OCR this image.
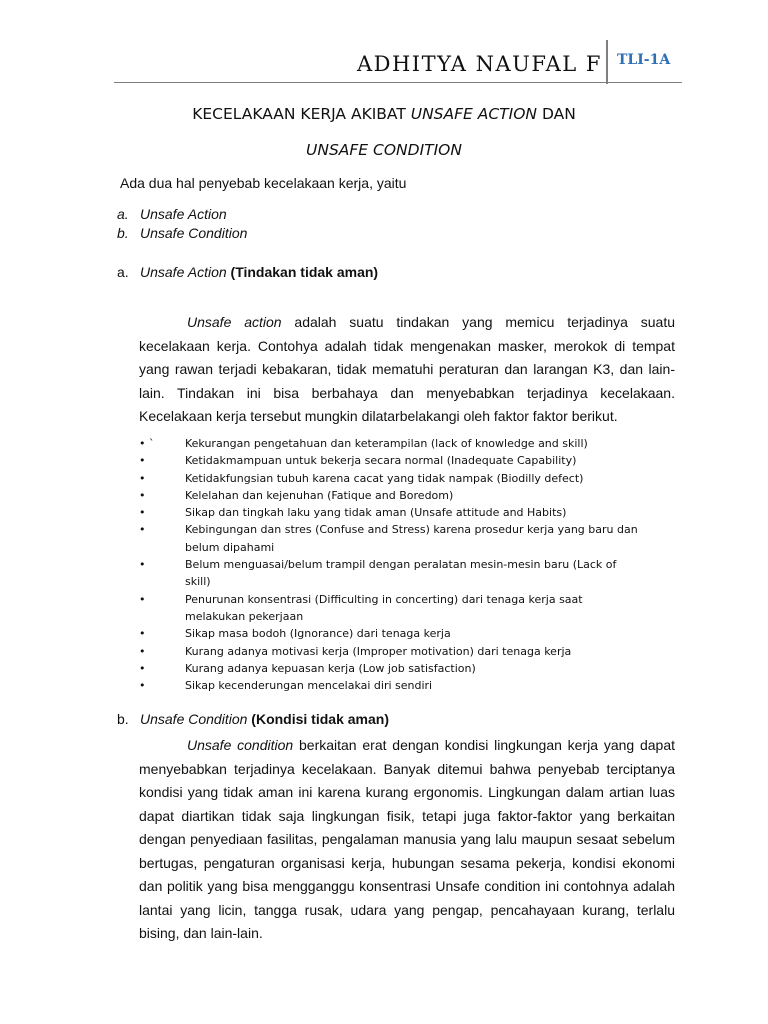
ADHITYA NAUFAL F TLI-1A
KECELAKAAN KERJA AKIBAT UNSAFE ACTION DAN
UNSAFE CONDITION
Ada dua hal penyebab kecelakaan kerja, yaitu
a. Unsafe Action
b. Unsafe Condition
a. Unsafe Action (Tindakan tidak aman)

Unsafe action adalah suatu tindakan yang memicu terjadinya suatu kecelakaan kerja. Contohya adalah tidak mengenakan masker, merokok di tempat yang rawan terjadi kebakaran, tidak mematuhi peraturan dan larangan K3, dan lain-lain. Tindakan ini bisa berbahaya dan menyebabkan terjadinya kecelakaan. Kecelakaan kerja tersebut mungkin dilatarbelakangi oleh faktor faktor berikut.

• `	Kekurangan pengetahuan dan keterampilan (lack of knowledge and skill)
•	Ketidakmampuan untuk bekerja secara normal (Inadequate Capability)
•	Ketidakfungsian tubuh karena cacat yang tidak nampak (Biodilly defect)
•	Kelelahan dan kejenuhan (Fatique and Boredom)
•	Sikap dan tingkah laku yang tidak aman (Unsafe attitude and Habits)
•	Kebingungan dan stres (Confuse and Stress) karena prosedur kerja yang baru dan belum dipahami
•	Belum menguasai/belum trampil dengan peralatan mesin-mesin baru (Lack of skill)
•	Penurunan konsentrasi (Difficulting in concerting) dari tenaga kerja saat melakukan pekerjaan
•	Sikap masa bodoh (Ignorance) dari tenaga kerja
•	Kurang adanya motivasi kerja (Improper motivation) dari tenaga kerja
•	Kurang adanya kepuasan kerja (Low job satisfaction)
•	Sikap kecenderungan mencelakai diri sendiri
b. Unsafe Condition (Kondisi tidak aman)

Unsafe condition berkaitan erat dengan kondisi lingkungan kerja yang dapat menyebabkan terjadinya kecelakaan. Banyak ditemui bahwa penyebab terciptanya kondisi yang tidak aman ini karena kurang ergonomis. Lingkungan dalam artian luas dapat diartikan tidak saja lingkungan fisik, tetapi juga faktor-faktor yang berkaitan dengan penyediaan fasilitas, pengalaman manusia yang lalu maupun sesaat sebelum bertugas, pengaturan organisasi kerja, hubungan sesama pekerja, kondisi ekonomi dan politik yang bisa mengganggu konsentrasi Unsafe condition ini contohnya adalah lantai yang licin, tangga rusak, udara yang pengap, pencahayaan kurang, terlalu bising, dan lain-lain.
